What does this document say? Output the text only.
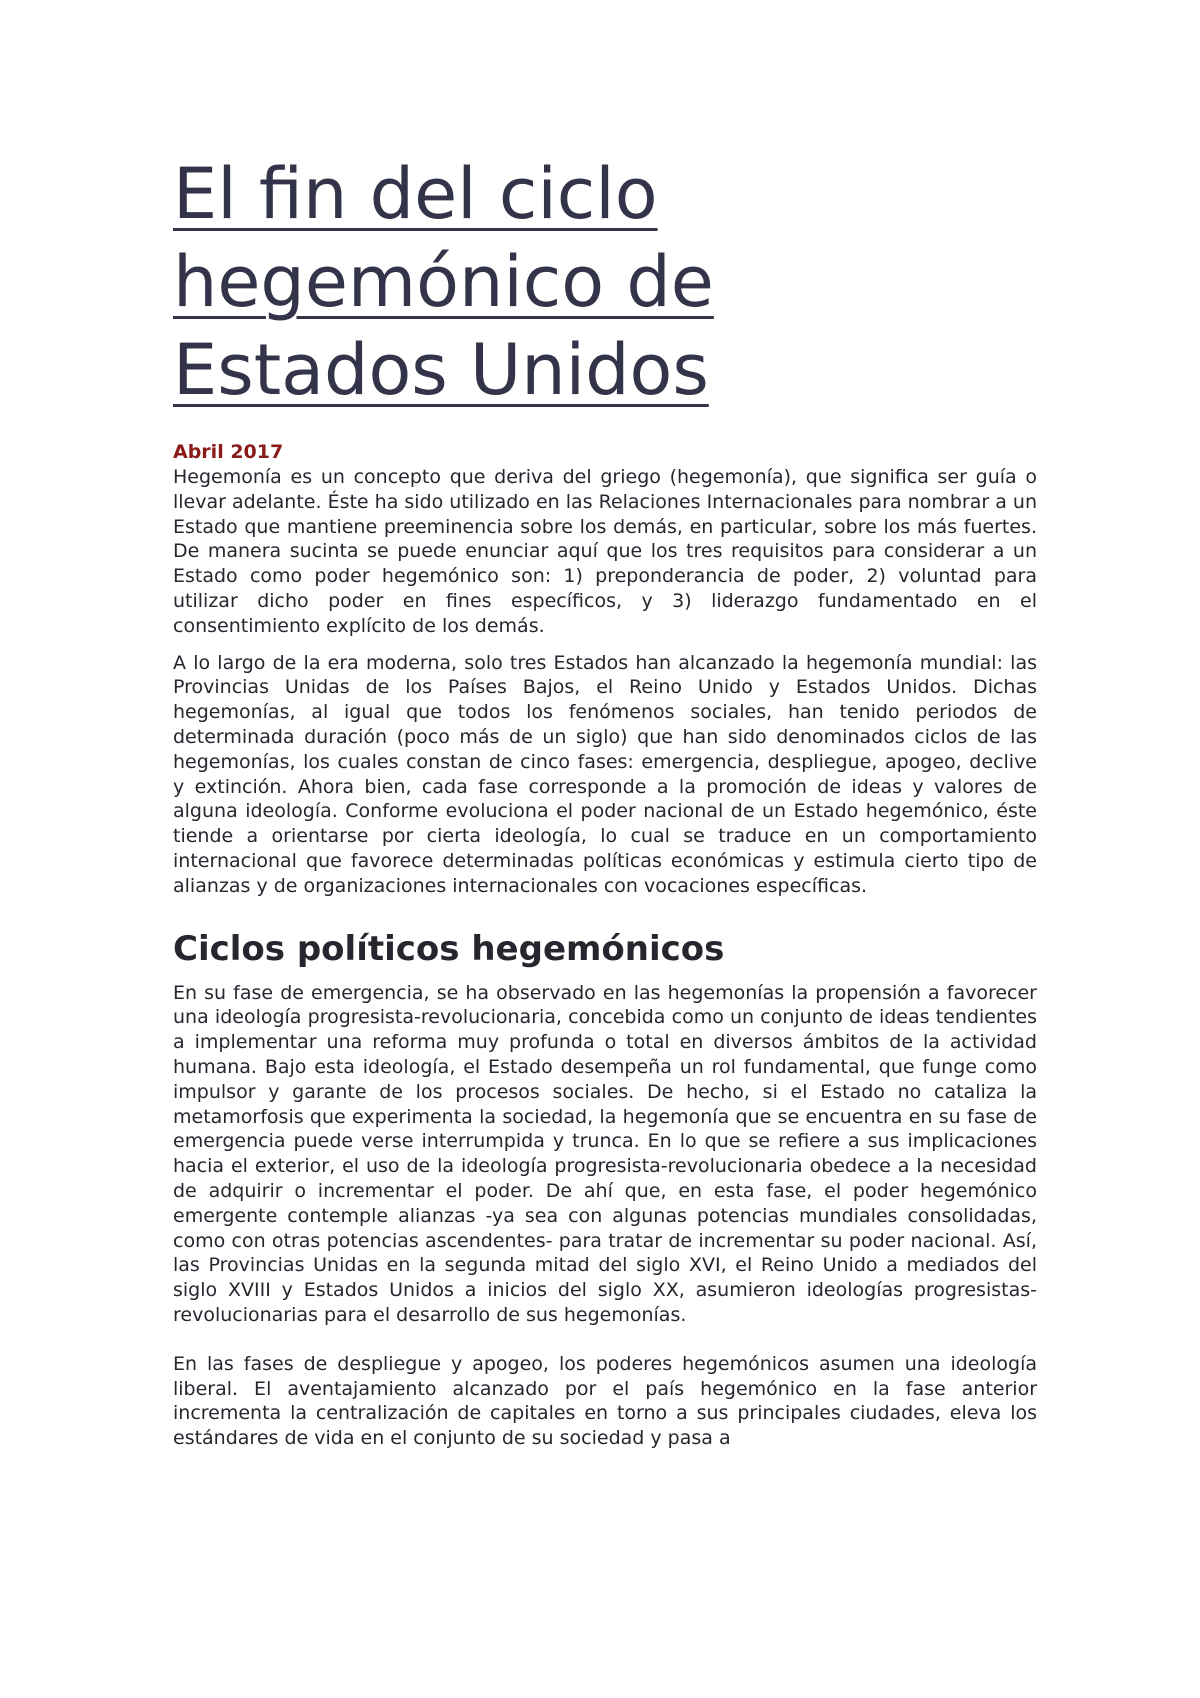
El fin del ciclo
hegemónico de
Estados Unidos
Abril 2017

Hegemonía es un concepto que deriva del griego (hegemonía), que significa ser guía o llevar adelante. Éste ha sido utilizado en las Relaciones Internacionales para nombrar a un Estado que mantiene preeminencia sobre los demás, en particular, sobre los más fuertes. De manera sucinta se puede enunciar aquí que los tres requisitos para considerar a un Estado como poder hegemónico son: 1) preponderancia de poder, 2) voluntad para utilizar dicho poder en fines específicos, y 3) liderazgo fundamentado en el consentimiento explícito de los demás.

A lo largo de la era moderna, solo tres Estados han alcanzado la hegemonía mundial: las Provincias Unidas de los Países Bajos, el Reino Unido y Estados Unidos. Dichas hegemonías, al igual que todos los fenómenos sociales, han tenido periodos de determinada duración (poco más de un siglo) que han sido denominados ciclos de las hegemonías, los cuales constan de cinco fases: emergencia, despliegue, apogeo, declive y extinción. Ahora bien, cada fase corresponde a la promoción de ideas y valores de alguna ideología. Conforme evoluciona el poder nacional de un Estado hegemónico, éste tiende a orientarse por cierta ideología, lo cual se traduce en un comportamiento internacional que favorece determinadas políticas económicas y estimula cierto tipo de alianzas y de organizaciones internacionales con vocaciones específicas.

Ciclos políticos hegemónicos

En su fase de emergencia, se ha observado en las hegemonías la propensión a favorecer una ideología progresista-revolucionaria, concebida como un conjunto de ideas tendientes a implementar una reforma muy profunda o total en diversos ámbitos de la actividad humana. Bajo esta ideología, el Estado desempeña un rol fundamental, que funge como impulsor y garante de los procesos sociales. De hecho, si el Estado no cataliza la metamorfosis que experimenta la sociedad, la hegemonía que se encuentra en su fase de emergencia puede verse interrumpida y trunca. En lo que se refiere a sus implicaciones hacia el exterior, el uso de la ideología progresista-revolucionaria obedece a la necesidad de adquirir o incrementar el poder. De ahí que, en esta fase, el poder hegemónico emergente contemple alianzas -ya sea con algunas potencias mundiales consolidadas, como con otras potencias ascendentes- para tratar de incrementar su poder nacional. Así, las Provincias Unidas en la segunda mitad del siglo XVI, el Reino Unido a mediados del siglo XVIII y Estados Unidos a inicios del siglo XX, asumieron ideologías progresistas-revolucionarias para el desarrollo de sus hegemonías.

En las fases de despliegue y apogeo, los poderes hegemónicos asumen una ideología liberal. El aventajamiento alcanzado por el país hegemónico en la fase anterior incrementa la centralización de capitales en torno a sus principales ciudades, eleva los estándares de vida en el conjunto de su sociedad y pasa a
